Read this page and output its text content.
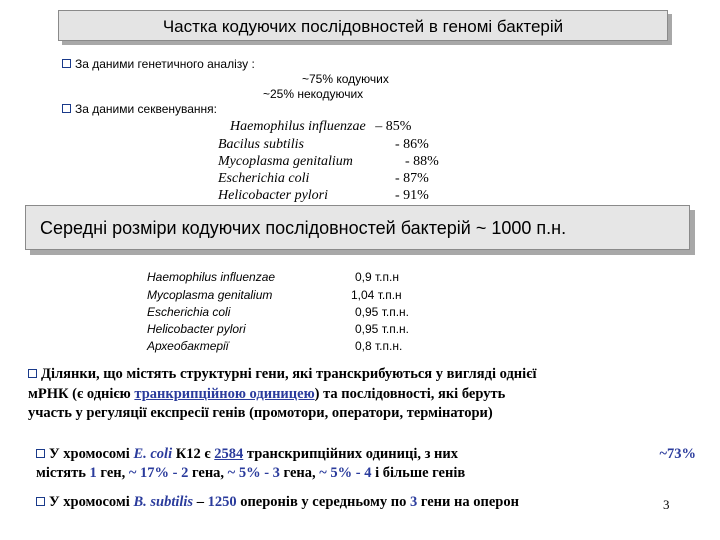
Частка кодуючих послідовностей в геномі бактерій
За даними генетичного аналізу :
~75% кодуючих
~25% некодуючих
За даними секвенування:
Haemophilus influenzae – 85%
Bacilus subtilis	- 86%
Mycoplasma genitalium	- 88%
Escherichia coli	- 87%
Helicobacter pylori	- 91%
Середні розміри кодуючих послідовностей бактерій ~ 1000 п.н.
Haemophilus influenzae	0,9 т.п.н
Mycoplasma genitalium	1,04 т.п.н
Escherichia coli	0,95 т.п.н.
Helicobacter pylori	0,95 т.п.н.
Археобактерії	0,8 т.п.н.
Ділянки, що містять структурні гени, які транскрибуються у вигляді однієї
мРНК (є однією транкрипційною одиницею) та послідовності, які беруть
участь у регуляції експресії генів (промотори, оператори, термінатори)
У хромосомі E. coli К12 є 2584 транскрипційних одиниці, з них	~73%
містять 1 ген, ~ 17% - 2 гена, ~ 5% - 3 гена, ~ 5% - 4 і більше генів
У хромосомі B. subtilis – 1250 оперонів у середньому по 3 гени на оперон	3
